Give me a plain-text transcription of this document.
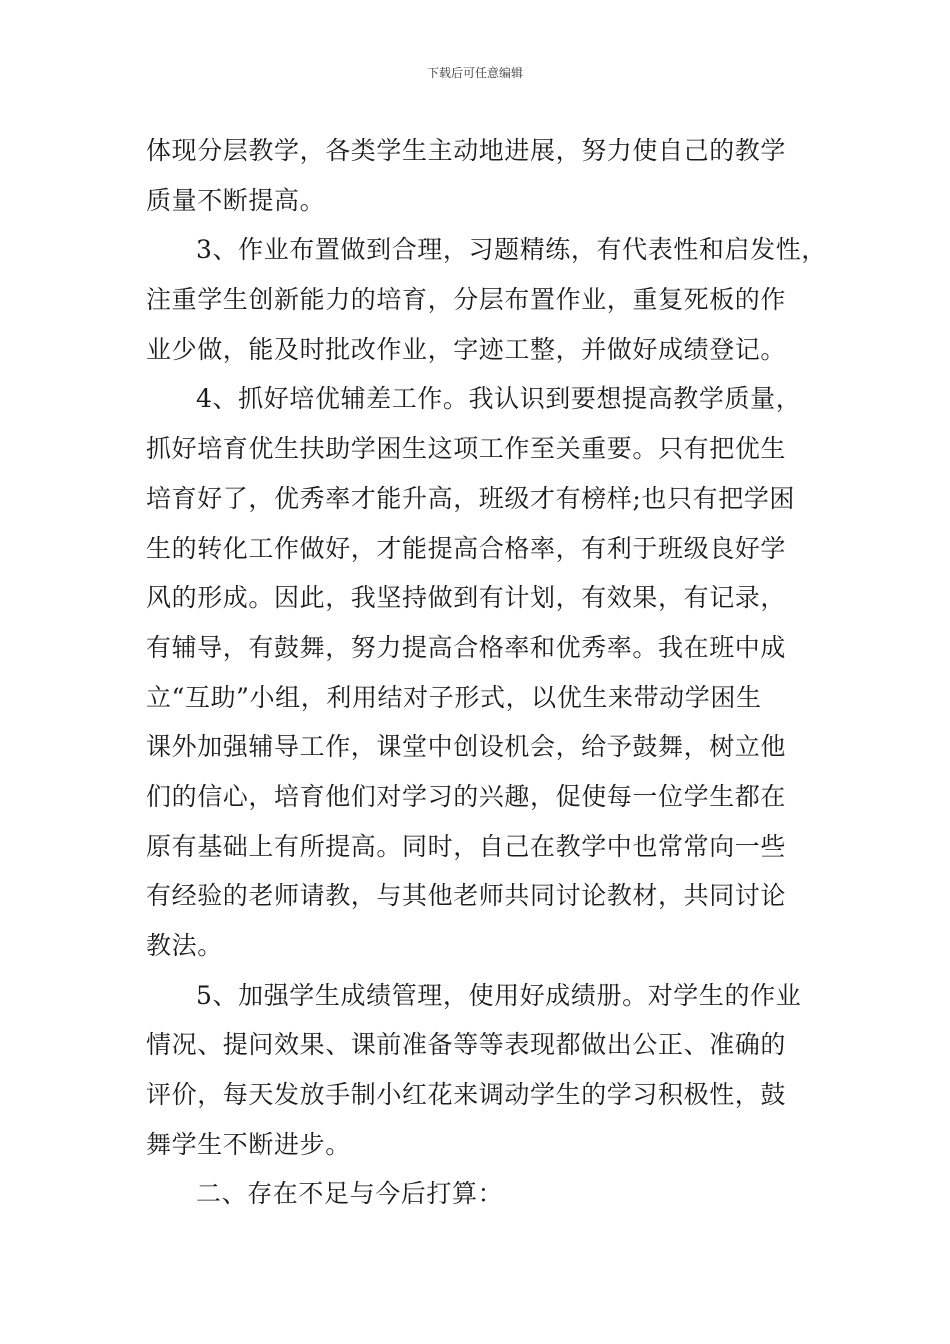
下载后可任意编辑
体现分层教学，各类学生主动地进展，努力使自己的教学
质量不断提高。
3、作业布置做到合理，习题精练，有代表性和启发性，
注重学生创新能力的培育，分层布置作业，重复死板的作
业少做，能及时批改作业，字迹工整，并做好成绩登记。
4、抓好培优辅差工作。我认识到要想提高教学质量，
抓好培育优生扶助学困生这项工作至关重要。只有把优生
培育好了，优秀率才能升高，班级才有榜样;也只有把学困
生的转化工作做好，才能提高合格率，有利于班级良好学
风的形成。因此，我坚持做到有计划，有效果，有记录，
有辅导，有鼓舞，努力提高合格率和优秀率。我在班中成
立“互助”小组，利用结对子形式，以优生来带动学困生
课外加强辅导工作，课堂中创设机会，给予鼓舞，树立他
们的信心，培育他们对学习的兴趣，促使每一位学生都在
原有基础上有所提高。同时，自己在教学中也常常向一些
有经验的老师请教，与其他老师共同讨论教材，共同讨论
教法。
5、加强学生成绩管理，使用好成绩册。对学生的作业
情况、提问效果、课前准备等等表现都做出公正、准确的
评价，每天发放手制小红花来调动学生的学习积极性，鼓
舞学生不断进步。
二、存在不足与今后打算：
